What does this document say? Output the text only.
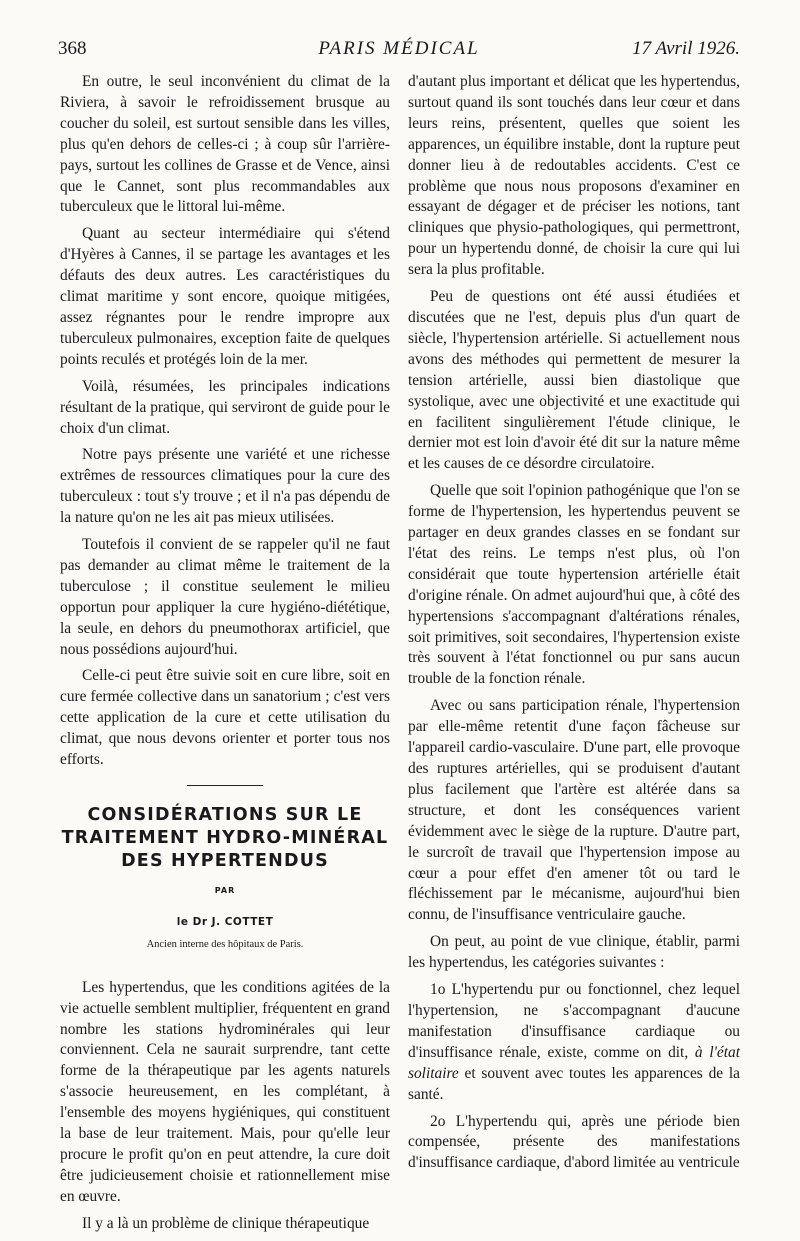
368	PARIS MÉDICAL	17 Avril 1926.

En outre, le seul inconvénient du climat de la Riviera, à savoir le refroidissement brusque au coucher du soleil, est surtout sensible dans les villes, plus qu'en dehors de celles-ci ; à coup sûr l'arrière-pays, surtout les collines de Grasse et de Vence, ainsi que le Cannet, sont plus recommandables aux tuberculeux que le littoral lui-même.

Quant au secteur intermédiaire qui s'étend d'Hyères à Cannes, il se partage les avantages et les défauts des deux autres. Les caractéristiques du climat maritime y sont encore, quoique mitigées, assez régnantes pour le rendre impropre aux tuberculeux pulmonaires, exception faite de quelques points reculés et protégés loin de la mer.

Voilà, résumées, les principales indications résultant de la pratique, qui serviront de guide pour le choix d'un climat.

Notre pays présente une variété et une richesse extrêmes de ressources climatiques pour la cure des tuberculeux : tout s'y trouve ; et il n'a pas dépendu de la nature qu'on ne les ait pas mieux utilisées.

Toutefois il convient de se rappeler qu'il ne faut pas demander au climat même le traitement de la tuberculose ; il constitue seulement le milieu opportun pour appliquer la cure hygiéno-diététique, la seule, en dehors du pneumothorax artificiel, que nous possédions aujourd'hui.

Celle-ci peut être suivie soit en cure libre, soit en cure fermée collective dans un sanatorium ; c'est vers cette application de la cure et cette utilisation du climat, que nous devons orienter et porter tous nos efforts.

CONSIDÉRATIONS SUR LE TRAITEMENT HYDRO-MINÉRAL DES HYPERTENDUS
PAR
le Dr J. COTTET
Ancien interne des hôpitaux de Paris.

Les hypertendus, que les conditions agitées de la vie actuelle semblent multiplier, fréquentent en grand nombre les stations hydrominérales qui leur conviennent. Cela ne saurait surprendre, tant cette forme de la thérapeutique par les agents naturels s'associe heureusement, en les complétant, à l'ensemble des moyens hygiéniques, qui constituent la base de leur traitement. Mais, pour qu'elle leur procure le profit qu'on en peut attendre, la cure doit être judicieusement choisie et rationnellement mise en œuvre.

Il y a là un problème de clinique thérapeutique

d'autant plus important et délicat que les hypertendus, surtout quand ils sont touchés dans leur cœur et dans leurs reins, présentent, quelles que soient les apparences, un équilibre instable, dont la rupture peut donner lieu à de redoutables accidents. C'est ce problème que nous nous proposons d'examiner en essayant de dégager et de préciser les notions, tant cliniques que physio-pathologiques, qui permettront, pour un hypertendu donné, de choisir la cure qui lui sera la plus profitable.

Peu de questions ont été aussi étudiées et discutées que ne l'est, depuis plus d'un quart de siècle, l'hypertension artérielle. Si actuellement nous avons des méthodes qui permettent de mesurer la tension artérielle, aussi bien diastolique que systolique, avec une objectivité et une exactitude qui en facilitent singulièrement l'étude clinique, le dernier mot est loin d'avoir été dit sur la nature même et les causes de ce désordre circulatoire.

Quelle que soit l'opinion pathogénique que l'on se forme de l'hypertension, les hypertendus peuvent se partager en deux grandes classes en se fondant sur l'état des reins. Le temps n'est plus, où l'on considérait que toute hypertension artérielle était d'origine rénale. On admet aujourd'hui que, à côté des hypertensions s'accompagnant d'altérations rénales, soit primitives, soit secondaires, l'hypertension existe très souvent à l'état fonctionnel ou pur sans aucun trouble de la fonction rénale.

Avec ou sans participation rénale, l'hypertension par elle-même retentit d'une façon fâcheuse sur l'appareil cardio-vasculaire. D'une part, elle provoque des ruptures artérielles, qui se produisent d'autant plus facilement que l'artère est altérée dans sa structure, et dont les conséquences varient évidemment avec le siège de la rupture. D'autre part, le surcroît de travail que l'hypertension impose au cœur a pour effet d'en amener tôt ou tard le fléchissement par le mécanisme, aujourd'hui bien connu, de l'insuffisance ventriculaire gauche.

On peut, au point de vue clinique, établir, parmi les hypertendus, les catégories suivantes :

1o L'hypertendu pur ou fonctionnel, chez lequel l'hypertension, ne s'accompagnant d'aucune manifestation d'insuffisance cardiaque ou d'insuffisance rénale, existe, comme on dit, à l'état solitaire et souvent avec toutes les apparences de la santé.

2o L'hypertendu qui, après une période bien compensée, présente des manifestations d'insuffisance cardiaque, d'abord limitée au ventricule
